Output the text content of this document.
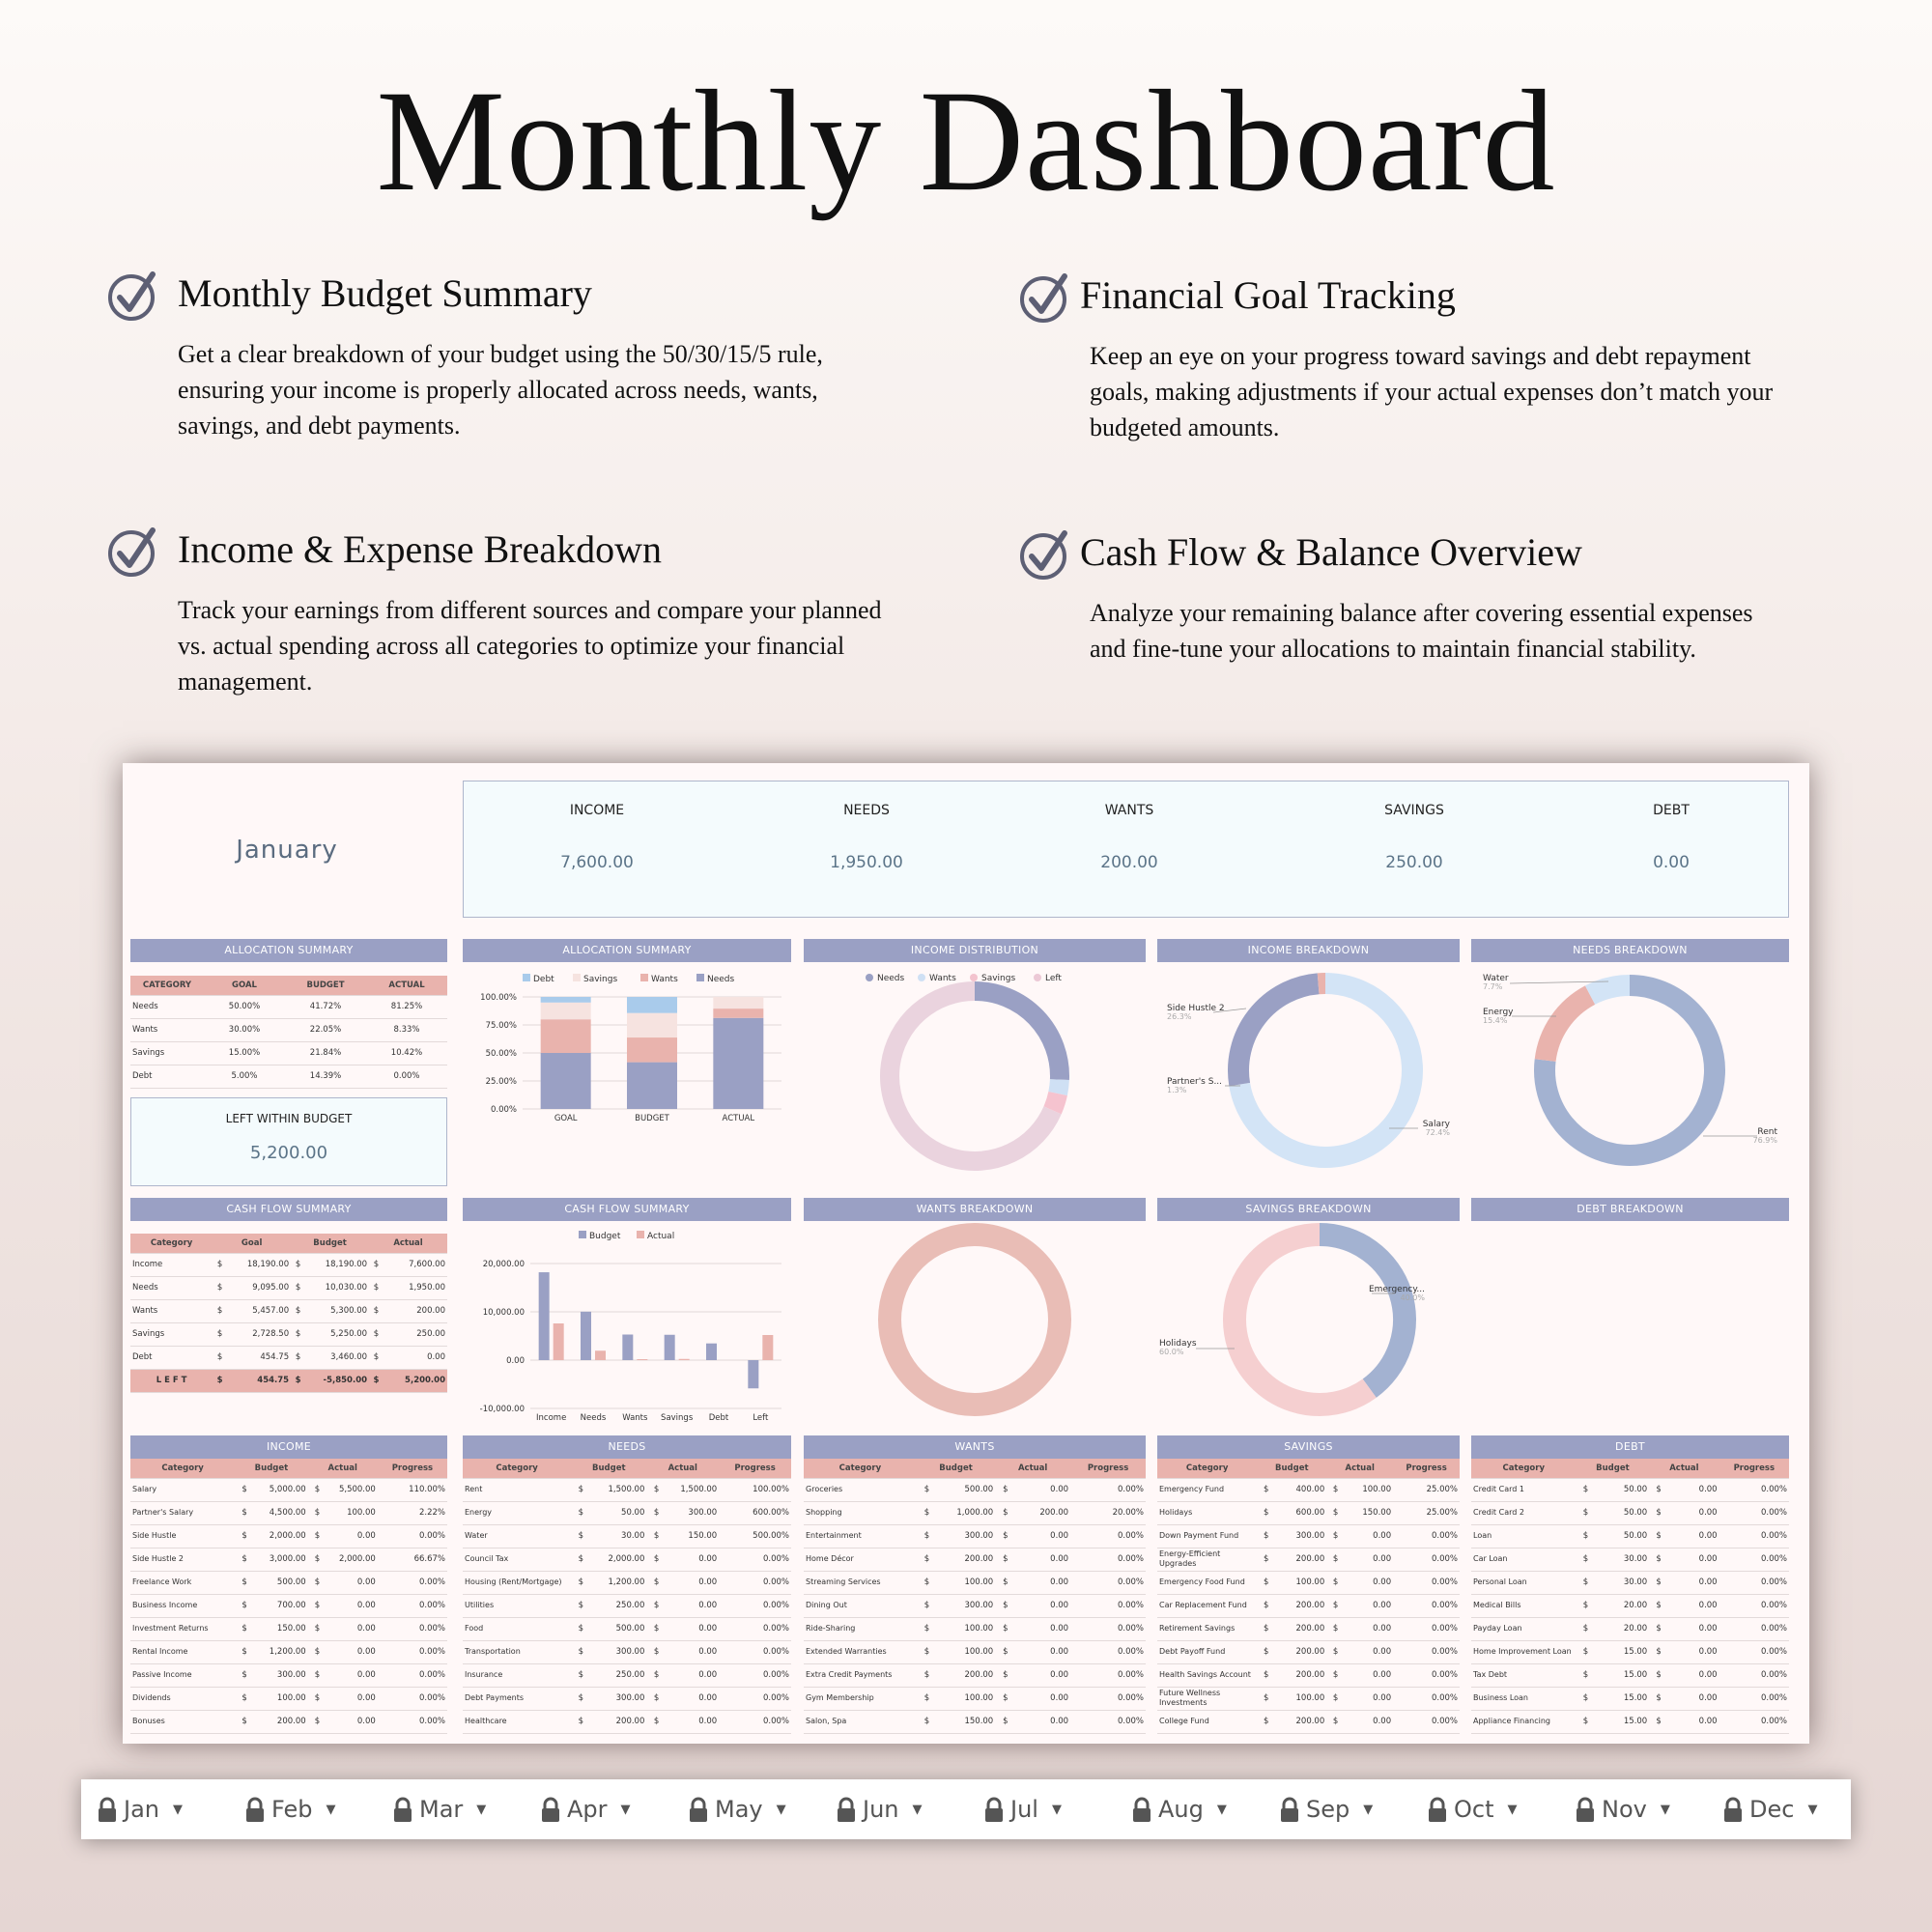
Monthly Dashboard
Monthly Budget Summary

Get a clear breakdown of your budget using the 50/30/15/5 rule, ensuring your income is properly allocated across needs, wants, savings, and debt payments.

Financial Goal Tracking

Keep an eye on your progress toward savings and debt repayment goals, making adjustments if your actual expenses don’t match your budgeted amounts.

Income & Expense Breakdown

Track your earnings from different sources and compare your planned vs. actual spending across all categories to optimize your financial management.

Cash Flow & Balance Overview

Analyze your remaining balance after covering essential expenses and fine-tune your allocations to maintain financial stability.

January
INCOME
7,600.00
NEEDS
1,950.00
WANTS
200.00
SAVINGS
250.00
DEBT
0.00
ALLOCATION SUMMARY	ALLOCATION SUMMARY	INCOME DISTRIBUTION	INCOME BREAKDOWN	NEEDS BREAKDOWN
CATEGORY	GOAL	BUDGET	ACTUAL
Needs	50.00%	41.72%	81.25%
Wants	30.00%	22.05%	8.33%
Savings	15.00%	21.84%	10.42%
Debt	5.00%	14.39%	0.00%
LEFT WITHIN BUDGET
5,200.00
Debt	Savings	Wants	Needs
0.00%
25.00%
50.00%
75.00%
100.00%
GOAL	BUDGET	ACTUAL
Needs	Wants	Savings	Left
Side Hustle 2
26.3%
Partner's S...
1.3%
Salary
72.4%
Water
7.7%
Energy
15.4%
Rent
76.9%
CASH FLOW SUMMARY	CASH FLOW SUMMARY	WANTS BREAKDOWN	SAVINGS BREAKDOWN	DEBT BREAKDOWN
Category	Goal		Budget		Actual	
Income	$	18,190.00	$	18,190.00	$	7,600.00
Needs	$	9,095.00	$	10,030.00	$	1,950.00
Wants	$	5,457.00	$	5,300.00	$	200.00
Savings	$	2,728.50	$	5,250.00	$	250.00
Debt	$	454.75	$	3,460.00	$	0.00
L E F T	$	454.75	$	-5,850.00	$	5,200.00
Budget	Actual
-10,000.00
0.00
10,000.00
20,000.00
Income Needs Wants Savings Debt	Left
Emergency...
40.0%
Holidays
60.0%
INCOME	NEEDS	WANTS	SAVINGS	DEBT
Category	Budget		Actual		Progress
Salary	$	5,000.00	$	5,500.00	110.00%
Partner's Salary	$	4,500.00	$	100.00	2.22%
Side Hustle	$	2,000.00	$	0.00	0.00%
Side Hustle 2	$	3,000.00	$	2,000.00	66.67%
Freelance Work	$	500.00	$	0.00	0.00%
Business Income	$	700.00	$	0.00	0.00%
Investment Returns	$	150.00	$	0.00	0.00%
Rental Income	$	1,200.00	$	0.00	0.00%
Passive Income	$	300.00	$	0.00	0.00%
Dividends	$	100.00	$	0.00	0.00%
Bonuses	$	200.00	$	0.00	0.00%
Category	Budget		Actual		Progress
Rent	$	1,500.00	$	1,500.00	100.00%
Energy	$	50.00	$	300.00	600.00%
Water	$	30.00	$	150.00	500.00%
Council Tax	$	2,000.00	$	0.00	0.00%
Housing (Rent/Mortgage)	$	1,200.00	$	0.00	0.00%
Utilities	$	250.00	$	0.00	0.00%
Food	$	500.00	$	0.00	0.00%
Transportation	$	300.00	$	0.00	0.00%
Insurance	$	250.00	$	0.00	0.00%
Debt Payments	$	300.00	$	0.00	0.00%
Healthcare	$	200.00	$	0.00	0.00%
Category	Budget		Actual		Progress
Groceries	$	500.00	$	0.00	0.00%
Shopping	$	1,000.00	$	200.00	20.00%
Entertainment	$	300.00	$	0.00	0.00%
Home Décor	$	200.00	$	0.00	0.00%
Streaming Services	$	100.00	$	0.00	0.00%
Dining Out	$	300.00	$	0.00	0.00%
Ride-Sharing	$	100.00	$	0.00	0.00%
Extended Warranties	$	100.00	$	0.00	0.00%
Extra Credit Payments	$	200.00	$	0.00	0.00%
Gym Membership	$	100.00	$	0.00	0.00%
Salon, Spa	$	150.00	$	0.00	0.00%
Category	Budget		Actual		Progress
Emergency Fund	$	400.00	$	100.00	25.00%
Holidays	$	600.00	$	150.00	25.00%
Down Payment Fund	$	300.00	$	0.00	0.00%
Energy-Efficient Upgrades	$	200.00	$	0.00	0.00%
Emergency Food Fund	$	100.00	$	0.00	0.00%
Car Replacement Fund	$	200.00	$	0.00	0.00%
Retirement Savings	$	200.00	$	0.00	0.00%
Debt Payoff Fund	$	200.00	$	0.00	0.00%
Health Savings Account	$	200.00	$	0.00	0.00%
Future Wellness Investments	$	100.00	$	0.00	0.00%
College Fund	$	200.00	$	0.00	0.00%
Category	Budget		Actual		Progress
Credit Card 1	$	50.00	$	0.00	0.00%
Credit Card 2	$	50.00	$	0.00	0.00%
Loan	$	50.00	$	0.00	0.00%
Car Loan	$	30.00	$	0.00	0.00%
Personal Loan	$	30.00	$	0.00	0.00%
Medical Bills	$	20.00	$	0.00	0.00%
Payday Loan	$	20.00	$	0.00	0.00%
Home Improvement Loan	$	15.00	$	0.00	0.00%
Tax Debt	$	15.00	$	0.00	0.00%
Business Loan	$	15.00	$	0.00	0.00%
Appliance Financing	$	15.00	$	0.00	0.00%
Jan ▼	Feb ▼	Mar ▼	Apr ▼	May ▼	Jun ▼	Jul ▼	Aug ▼	Sep ▼	Oct ▼	Nov ▼	Dec ▼
